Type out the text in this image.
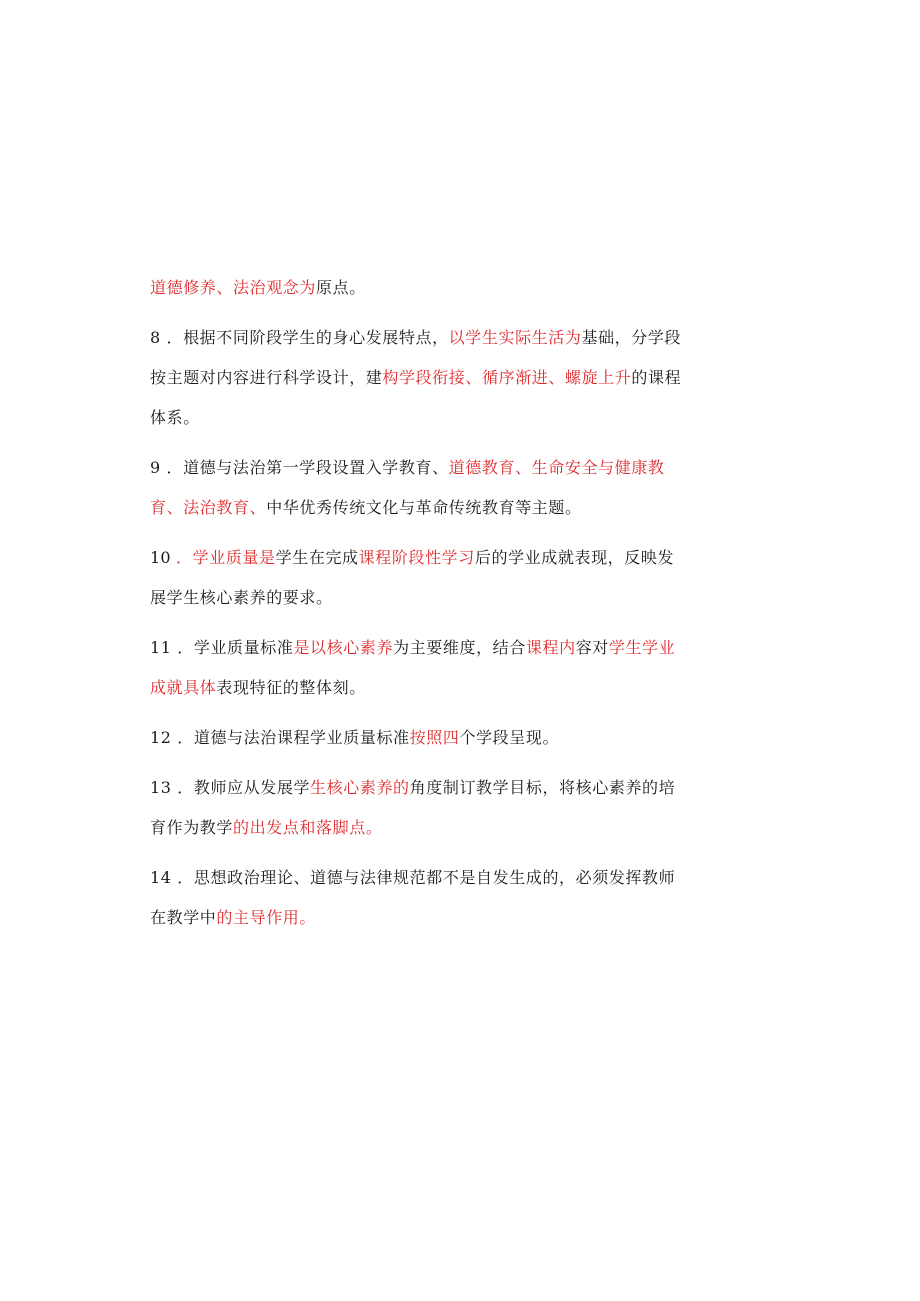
道德修养、法治观念为原点。

8 ．根据不同阶段学生的身心发展特点，以学生实际生活为基础，分学段按主题对内容进行科学设计，建构学段衔接、循序渐进、螺旋上升的课程体系。

9 ．道德与法治第一学段设置入学教育、道德教育、生命安全与健康教育、法治教育、中华优秀传统文化与革命传统教育等主题。

10 ．学业质量是学生在完成课程阶段性学习后的学业成就表现，反映发展学生核心素养的要求。

11 ．学业质量标准是以核心素养为主要维度，结合课程内容对学生学业成就具体表现特征的整体刻。

12 ．道德与法治课程学业质量标准按照四个学段呈现。

13 ．教师应从发展学生核心素养的角度制订教学目标，将核心素养的培育作为教学的出发点和落脚点。

14 ．思想政治理论、道德与法律规范都不是自发生成的，必须发挥教师在教学中的主导作用。
